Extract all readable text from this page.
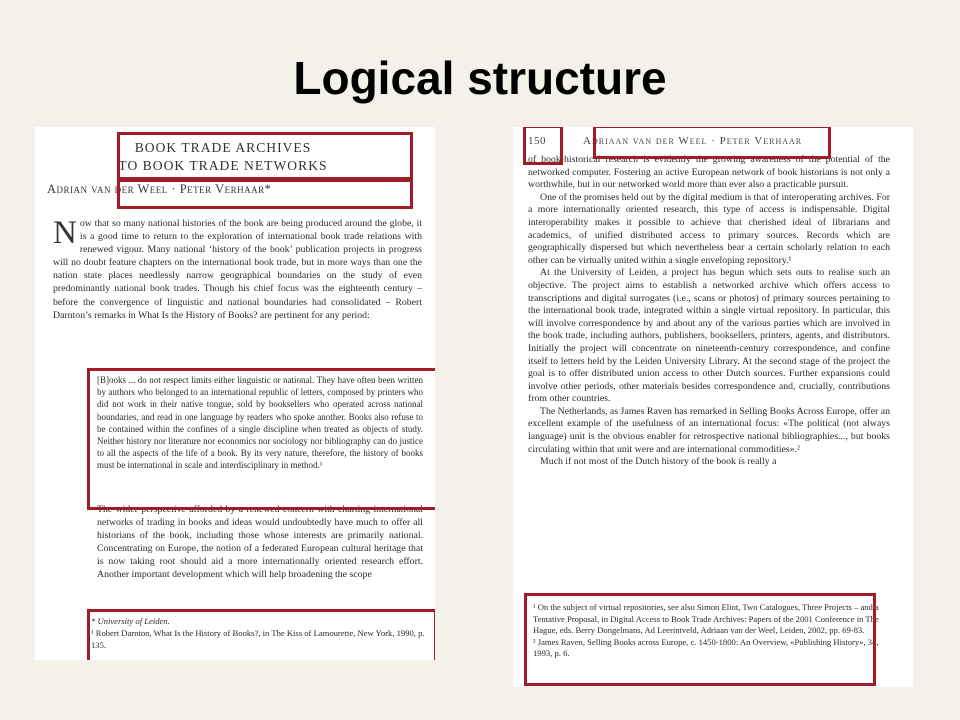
Logical structure
BOOK TRADE ARCHIVES
TO BOOK TRADE NETWORKS
Adrian van der Weel · Peter Verhaar*
Now that so many national histories of the book are being produced around the globe, it is a good time to return to the exploration of international book trade relations with renewed vigour. Many national ‘history of the book’ publication projects in progress will no doubt feature chapters on the international book trade, but in more ways than one the nation state places needlessly narrow geographical boundaries on the study of even predominantly national book trades. Though his chief focus was the eighteenth century – before the convergence of linguistic and national boundaries had consolidated – Robert Darnton’s remarks in What Is the History of Books? are pertinent for any period:
[B]ooks ... do not respect limits either linguistic or national. They have often been written by authors who belonged to an international republic of letters, composed by printers who did not work in their native tongue, sold by booksellers who operated across national boundaries, and read in one language by readers who spoke another. Books also refuse to be contained within the confines of a single discipline when treated as objects of study. Neither history nor literature nor economics nor sociology nor bibliography can do justice to all the aspects of the life of a book. By its very nature, therefore, the history of books must be international in scale and interdisciplinary in method.¹
The wider perspective afforded by a renewed concern with charting international networks of trading in books and ideas would undoubtedly have much to offer all historians of the book, including those whose interests are primarily national. Concentrating on Europe, the notion of a federated European cultural heritage that is now taking root should aid a more internationally oriented research effort. Another important development which will help broadening the scope
* University of Leiden.
¹ Robert Darnton, What Is the History of Books?, in The Kiss of Lamourette, New York, 1990, p. 135.
150	Adriaan van der Weel · Peter Verhaar
of book-historical research is evidently the growing awareness of the potential of the networked computer. Fostering an active European network of book historians is not only a worthwhile, but in our networked world more than ever also a practicable pursuit.
One of the promises held out by the digital medium is that of interoperating archives. For a more internationally oriented research, this type of access is indispensable. Digital interoperability makes it possible to achieve that cherished ideal of librarians and academics, of unified distributed access to primary sources. Records which are geographically dispersed but which nevertheless bear a certain scholarly relation to each other can be virtually united within a single enveloping repository.¹
At the University of Leiden, a project has begun which sets outs to realise such an objective. The project aims to establish a networked archive which offers access to transcriptions and digital surrogates (i.e., scans or photos) of primary sources pertaining to the international book trade, integrated within a single virtual repository. In particular, this will involve correspondence by and about any of the various parties which are involved in the book trade, including authors, publishers, booksellers, printers, agents, and distributors. Initially the project will concentrate on nineteenth-century correspondence, and confine itself to letters held by the Leiden University Library. At the second stage of the project the goal is to offer distributed union access to other Dutch sources. Further expansions could involve other periods, other materials besides correspondence and, crucially, contributions from other countries.
The Netherlands, as James Raven has remarked in Selling Books Across Europe, offer an excellent example of the usefulness of an international focus: «The political (not always language) unit is the obvious enabler for retrospective national bibliographies..., but books circulating within that unit were and are international commodities».²
Much if not most of the Dutch history of the book is really a
¹ On the subject of virtual repositories, see also Simon Eliot, Two Catalogues, Three Projects – and a Tentative Proposal, in Digital Access to Book Trade Archives: Papers of the 2001 Conference in The Hague, eds. Berry Dongelmans, Ad Leerintveld, Adriaan van der Weel, Leiden, 2002, pp. 69-83.
² James Raven, Selling Books across Europe, c. 1450-1800: An Overview, «Publishing History», 34, 1993, p. 6.
